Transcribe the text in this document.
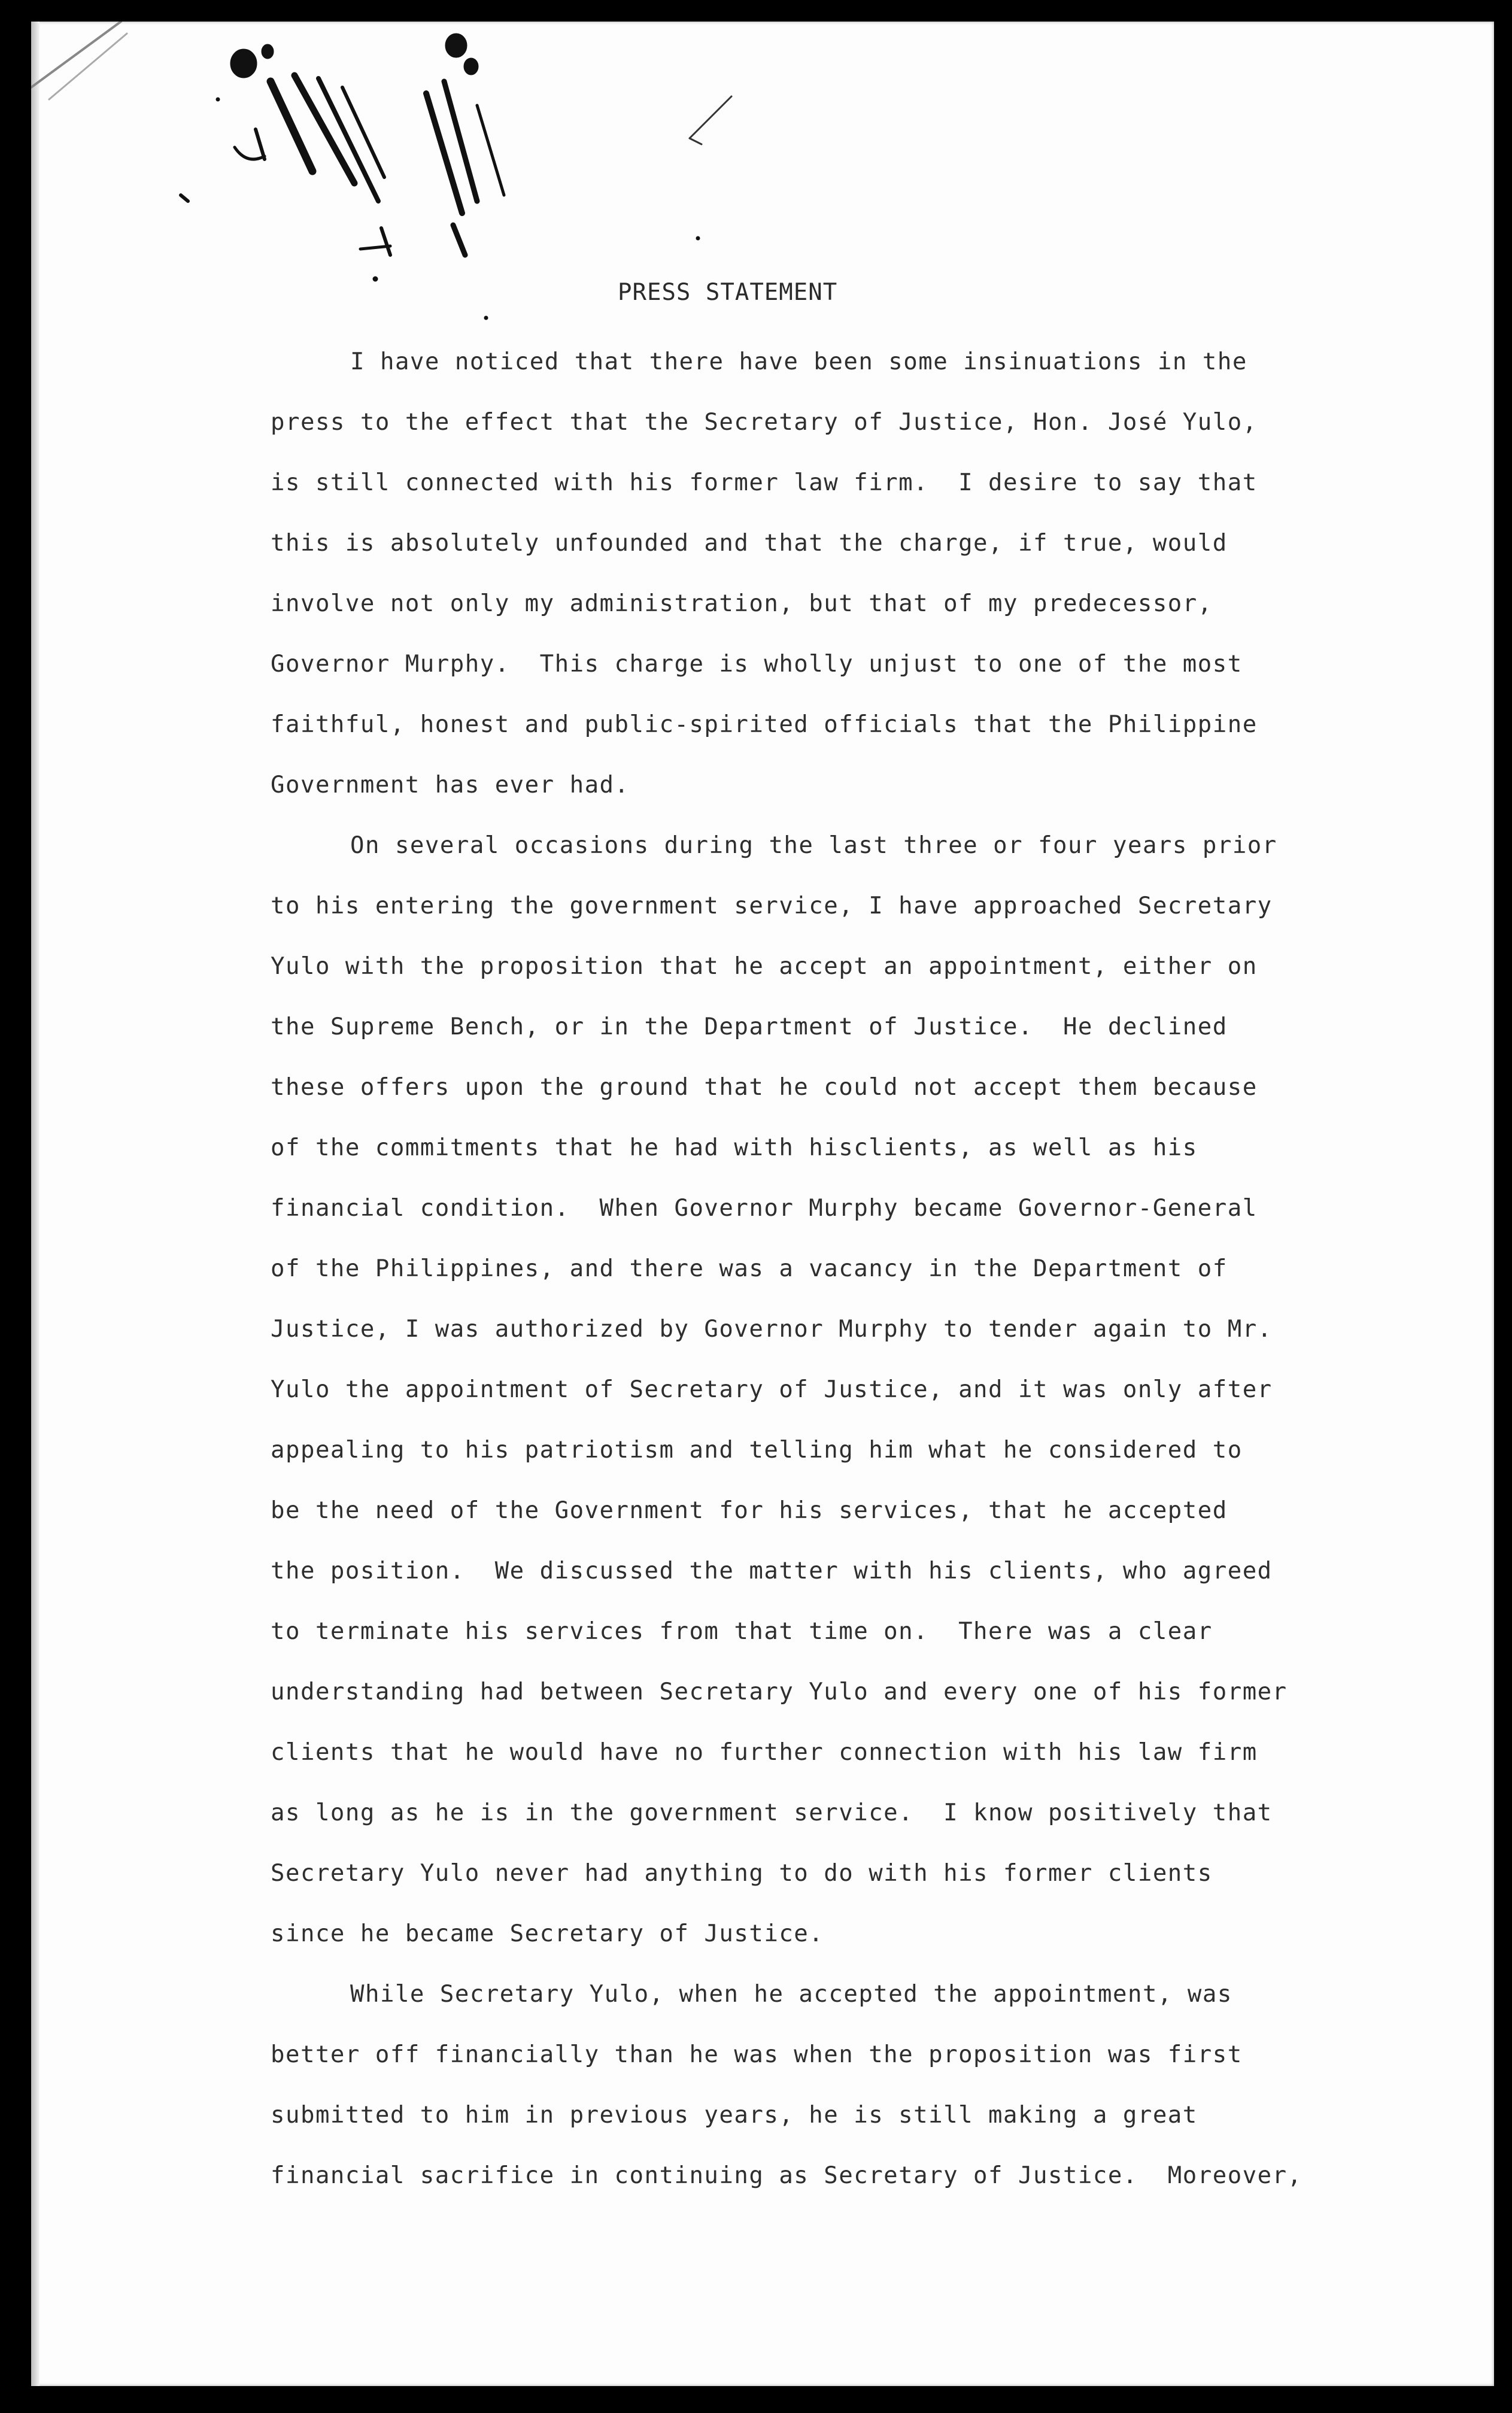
PRESS STATEMENT
I have noticed that there have been some insinuations in the
press to the effect that the Secretary of Justice, Hon. José Yulo,
is still connected with his former law firm.  I desire to say that
this is absolutely unfounded and that the charge, if true, would
involve not only my administration, but that of my predecessor,
Governor Murphy.  This charge is wholly unjust to one of the most
faithful, honest and public-spirited officials that the Philippine
Government has ever had.
On several occasions during the last three or four years prior
to his entering the government service, I have approached Secretary
Yulo with the proposition that he accept an appointment, either on
the Supreme Bench, or in the Department of Justice.  He declined
these offers upon the ground that he could not accept them because
of the commitments that he had with hisclients, as well as his
financial condition.  When Governor Murphy became Governor-General
of the Philippines, and there was a vacancy in the Department of
Justice, I was authorized by Governor Murphy to tender again to Mr.
Yulo the appointment of Secretary of Justice, and it was only after
appealing to his patriotism and telling him what he considered to
be the need of the Government for his services, that he accepted
the position.  We discussed the matter with his clients, who agreed
to terminate his services from that time on.  There was a clear
understanding had between Secretary Yulo and every one of his former
clients that he would have no further connection with his law firm
as long as he is in the government service.  I know positively that
Secretary Yulo never had anything to do with his former clients
since he became Secretary of Justice.
While Secretary Yulo, when he accepted the appointment, was
better off financially than he was when the proposition was first
submitted to him in previous years, he is still making a great
financial sacrifice in continuing as Secretary of Justice.  Moreover,
